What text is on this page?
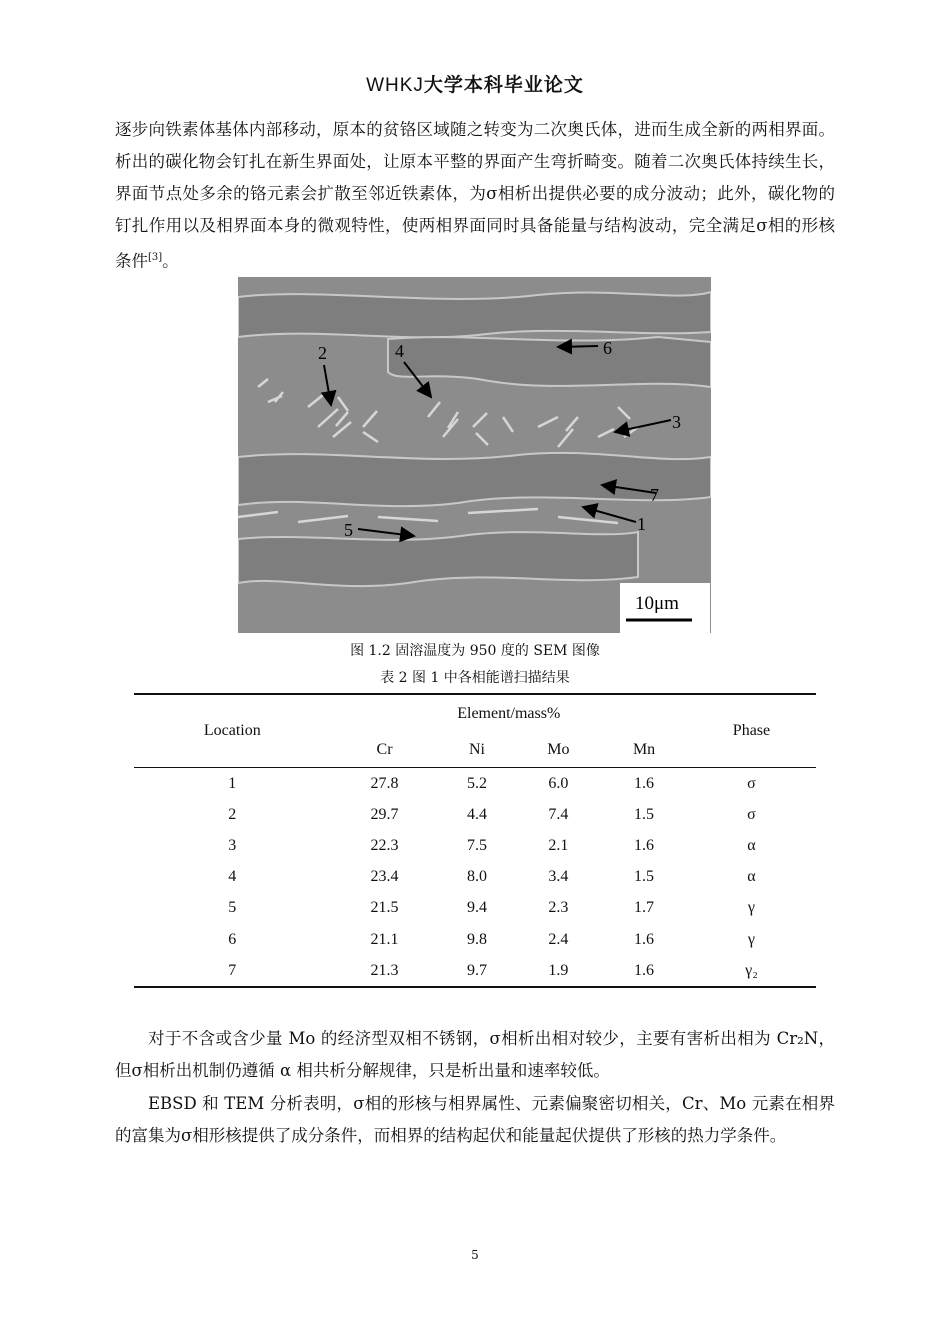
WHKJ大学本科毕业论文
逐步向铁素体基体内部移动，原本的贫铬区域随之转变为二次奥氏体，进而生成全新的两相界面。析出的碳化物会钉扎在新生界面处，让原本平整的界面产生弯折畸变。随着二次奥氏体持续生长，界面节点处多余的铬元素会扩散至邻近铁素体，为σ相析出提供必要的成分波动；此外，碳化物的钉扎作用以及相界面本身的微观特性，使两相界面同时具备能量与结构波动，完全满足σ相的形核条件[3]。
2	4	6
3
7
1
5
10μm
图 1.2 固溶温度为 950 度的 SEM 图像
表 2 图 1 中各相能谱扫描结果
Location	Element/mass%				Phase
	Cr	Ni	Mo	Mn	
1	27.8	5.2	6.0	1.6	σ
2	29.7	4.4	7.4	1.5	σ
3	22.3	7.5	2.1	1.6	α
4	23.4	8.0	3.4	1.5	α
5	21.5	9.4	2.3	1.7	γ
6	21.1	9.8	2.4	1.6	γ
7	21.3	9.7	1.9	1.6	γ₂
对于不含或含少量 Mo 的经济型双相不锈钢，σ相析出相对较少，主要有害析出相为 Cr₂N，但σ相析出机制仍遵循 α 相共析分解规律，只是析出量和速率较低。
EBSD 和 TEM 分析表明，σ相的形核与相界属性、元素偏聚密切相关，Cr、Mo 元素在相界的富集为σ相形核提供了成分条件，而相界的结构起伏和能量起伏提供了形核的热力学条件。
5
